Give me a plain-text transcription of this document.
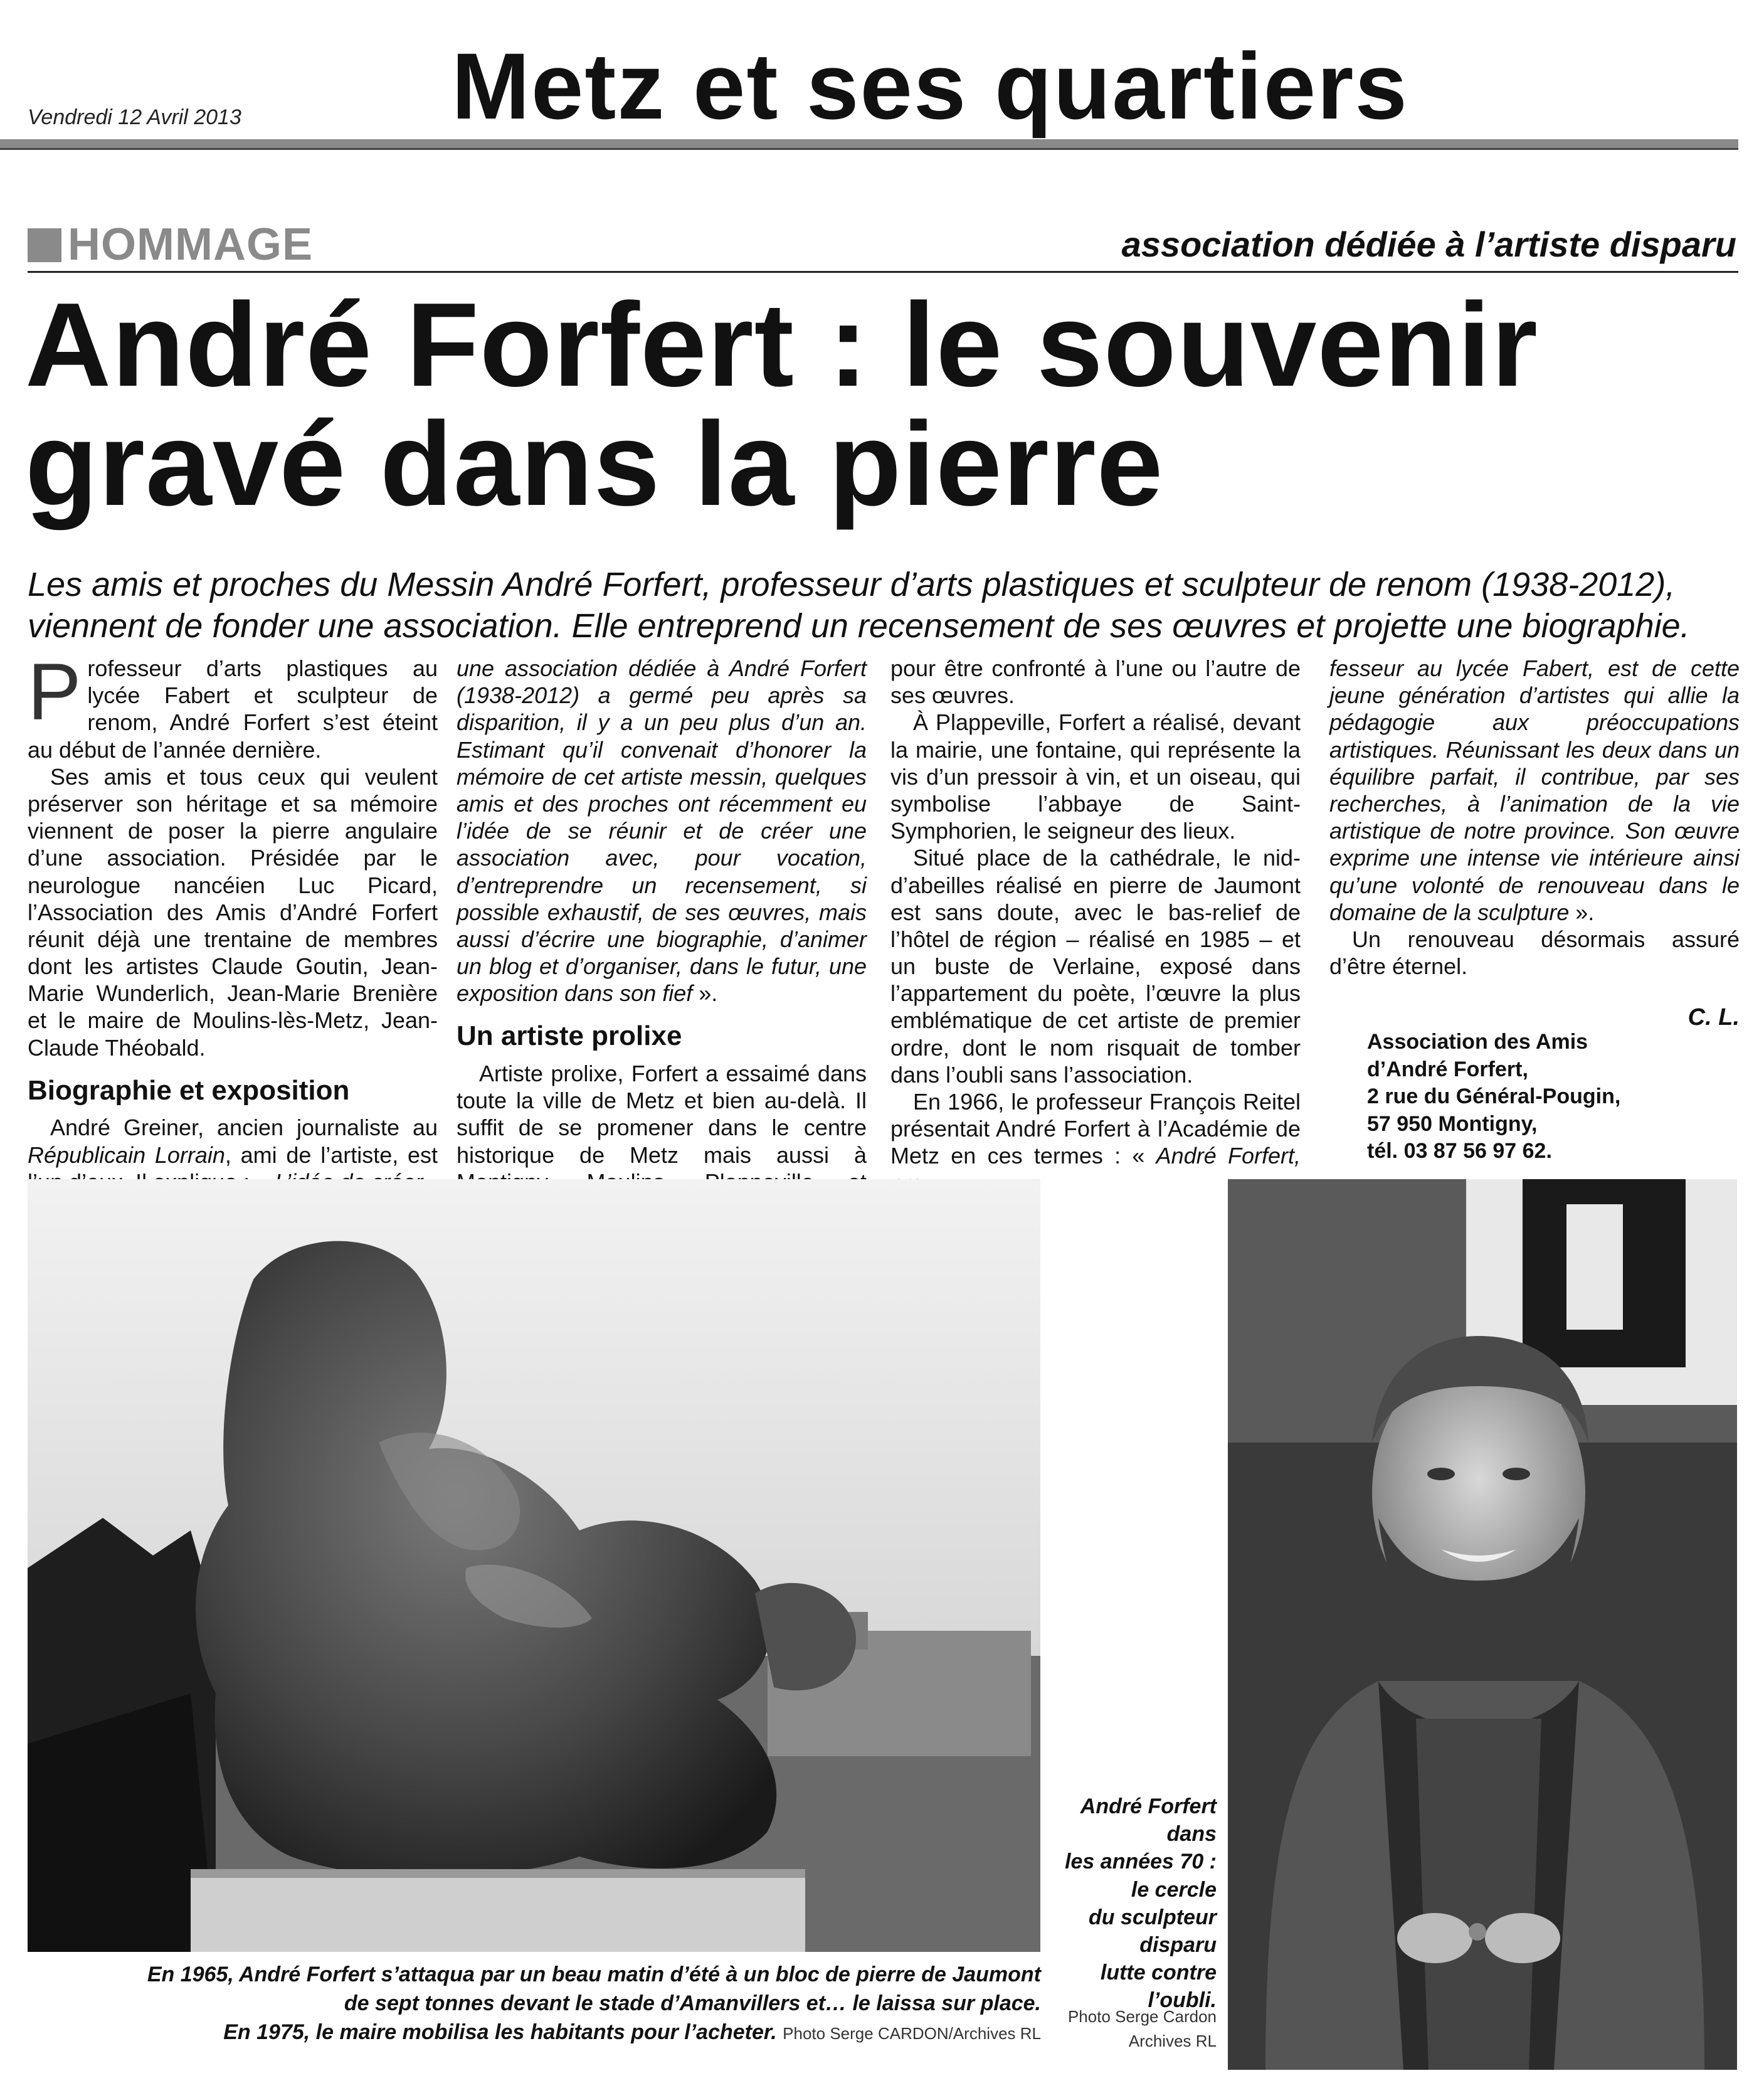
Vendredi 12 Avril 2013 Metz et ses quartiers
HOMMAGE	association dédiée à l’artiste disparu
André Forfert : le souvenir gravé dans la pierre
Les amis et proches du Messin André Forfert, professeur d’arts plastiques et sculpteur de renom (1938-2012), viennent de fonder une association. Elle entreprend un recensement de ses œuvres et projette une biographie.

Professeur d’arts plastiques au lycée Fabert et sculpteur de renom, André Forfert s’est éteint au début de l’année dernière.

Ses amis et tous ceux qui veulent préserver son héritage et sa mémoire viennent de poser la pierre angulaire d’une association. Présidée par le neurologue nancéien Luc Picard, l’Association des Amis d’André Forfert réunit déjà une trentaine de membres dont les artistes Claude Goutin, Jean-Marie Wunderlich, Jean-Marie Brenière et le maire de Moulins-lès-Metz, Jean-Claude Théobald.

Biographie et exposition

André Greiner, ancien journaliste au Républicain Lorrain, ami de l’artiste, est

une association dédiée à André Forfert (1938-2012) a germé peu après sa disparition, il y a un peu plus d’un an. Estimant qu’il convenait d’honorer la mémoire de cet artiste messin, quelques amis et des proches ont récemment eu l’idée de se réunir et de créer une association avec, pour vocation, d’entreprendre un recensement, si possible exhaustif, de ses œuvres, mais aussi d’écrire une biographie, d’animer un blog et d’organiser, dans le futur, une exposition dans son fief ».

Un artiste prolixe

Artiste prolixe, Forfert a essaimé dans toute la ville de Metz et bien au-delà. Il suffit de se promener dans le centre historique de Metz mais aussi à

pour être confronté à l’une ou l’autre de ses œuvres.

À Plappeville, Forfert a réalisé, devant la mairie, une fontaine, qui représente la vis d’un pressoir à vin, et un oiseau, qui symbolise l’abbaye de Saint-Symphorien, le seigneur des lieux.

Situé place de la cathédrale, le nid-d’abeilles réalisé en pierre de Jaumont est sans doute, avec le bas-relief de l’hôtel de région – réalisé en 1985 – et un buste de Verlaine, exposé dans l’appartement du poète, l’œuvre la plus emblématique de cet artiste de premier ordre, dont le nom risquait de tomber dans l’oubli sans l’association.

En 1966, le professeur François Reitel présentait André Forfert à l’Académie de Metz en ces termes : « André Forfert,

fesseur au lycée Fabert, est de cette jeune génération d’artistes qui allie la pédagogie aux préoccupations artistiques. Réunissant les deux dans un équilibre parfait, il contribue, par ses recherches, à l’animation de la vie artistique de notre province. Son œuvre exprime une intense vie intérieure ainsi qu’une volonté de renouveau dans le domaine de la sculpture ».

Un renouveau désormais assuré d’être éternel.

C. L.

Association des Amis
d’André Forfert,
2 rue du Général-Pougin,
57 950 Montigny,
tél. 03 87 56 97 62.
En 1965, André Forfert s’attaqua par un beau matin d’été à un bloc de pierre de Jaumont
de sept tonnes devant le stade d’Amanvillers et… le laissa sur place.
En 1975, le maire mobilisa les habitants pour l’acheter. Photo Serge CARDON/Archives RL
André Forfert
dans
les années 70 :
le cercle
du sculpteur
disparu
lutte contre
l’oubli.
Photo Serge Cardon
Archives RL
